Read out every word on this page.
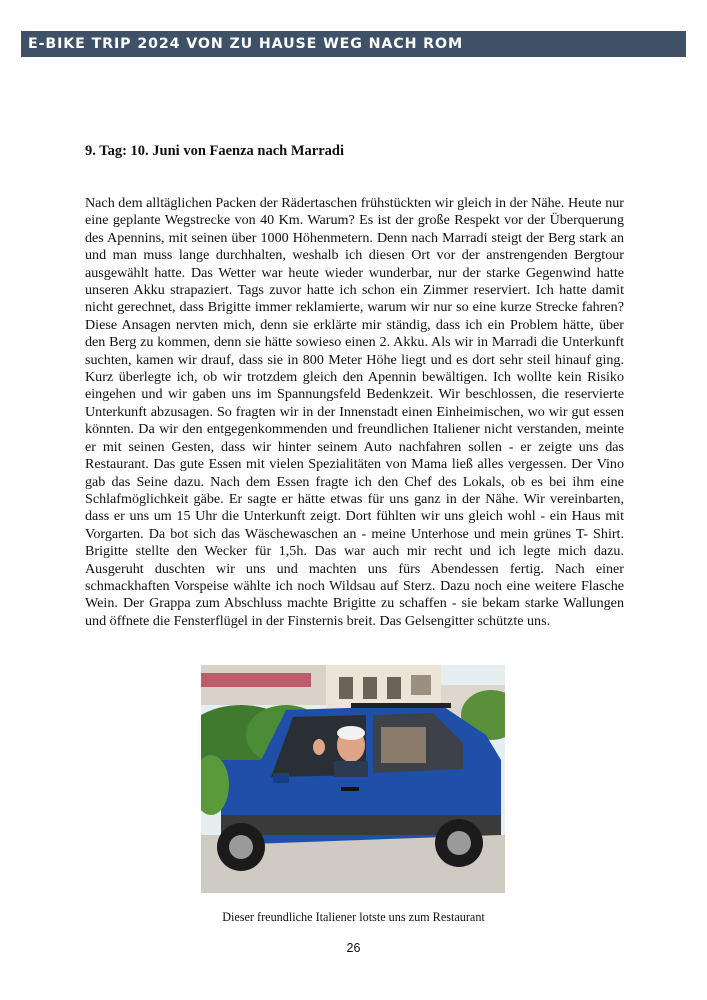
E-BIKE TRIP 2024 VON ZU HAUSE WEG NACH ROM
9. Tag: 10. Juni von Faenza nach Marradi

Nach dem alltäglichen Packen der Rädertaschen frühstückten wir gleich in der Nähe. Heute nur eine geplante Wegstrecke von 40 Km. Warum? Es ist der große Respekt vor der Überquerung des Apennins, mit seinen über 1000 Höhenmetern. Denn nach Marradi steigt der Berg stark an und man muss lange durchhalten, weshalb ich diesen Ort vor der anstrengenden Bergtour ausgewählt hatte. Das Wetter war heute wieder wunderbar, nur der starke Gegenwind hatte unseren Akku strapaziert. Tags zuvor hatte ich schon ein Zimmer reserviert. Ich hatte damit nicht gerechnet, dass Brigitte immer reklamierte, warum wir nur so eine kurze Strecke fahren? Diese Ansagen nervten mich, denn sie erklärte mir ständig, dass ich ein Problem hätte, über den Berg zu kommen, denn sie hätte sowieso einen 2. Akku. Als wir in Marradi die Unterkunft suchten, kamen wir drauf, dass sie in 800 Meter Höhe liegt und es dort sehr steil hinauf ging. Kurz überlegte ich, ob wir trotzdem gleich den Apennin bewältigen. Ich wollte kein Risiko eingehen und wir gaben uns im Spannungsfeld Bedenkzeit. Wir beschlossen, die reservierte Unterkunft abzusagen. So fragten wir in der Innenstadt einen Einheimischen, wo wir gut essen könnten. Da wir den entgegenkommenden und freundlichen Italiener nicht verstanden, meinte er mit seinen Gesten, dass wir hinter seinem Auto nachfahren sollen - er zeigte uns das Restaurant. Das gute Essen mit vielen Spezialitäten von Mama ließ alles vergessen. Der Vino gab das Seine dazu. Nach dem Essen fragte ich den Chef des Lokals, ob es bei ihm eine Schlafmöglichkeit gäbe. Er sagte er hätte etwas für uns ganz in der Nähe. Wir vereinbarten, dass er uns um 15 Uhr die Unterkunft zeigt. Dort fühlten wir uns gleich wohl - ein Haus mit Vorgarten. Da bot sich das Wäschewaschen an - meine Unterhose und mein grünes T- Shirt. Brigitte stellte den Wecker für 1,5h. Das war auch mir recht und ich legte mich dazu. Ausgeruht duschten wir uns und machten uns fürs Abendessen fertig. Nach einer schmackhaften Vorspeise wählte ich noch Wildsau auf Sterz. Dazu noch eine weitere Flasche Wein. Der Grappa zum Abschluss machte Brigitte zu schaffen - sie bekam starke Wallungen und öffnete die Fensterflügel in der Finsternis breit. Das Gelsengitter schützte uns.

Dieser freundliche Italiener lotste uns zum Restaurant
26
